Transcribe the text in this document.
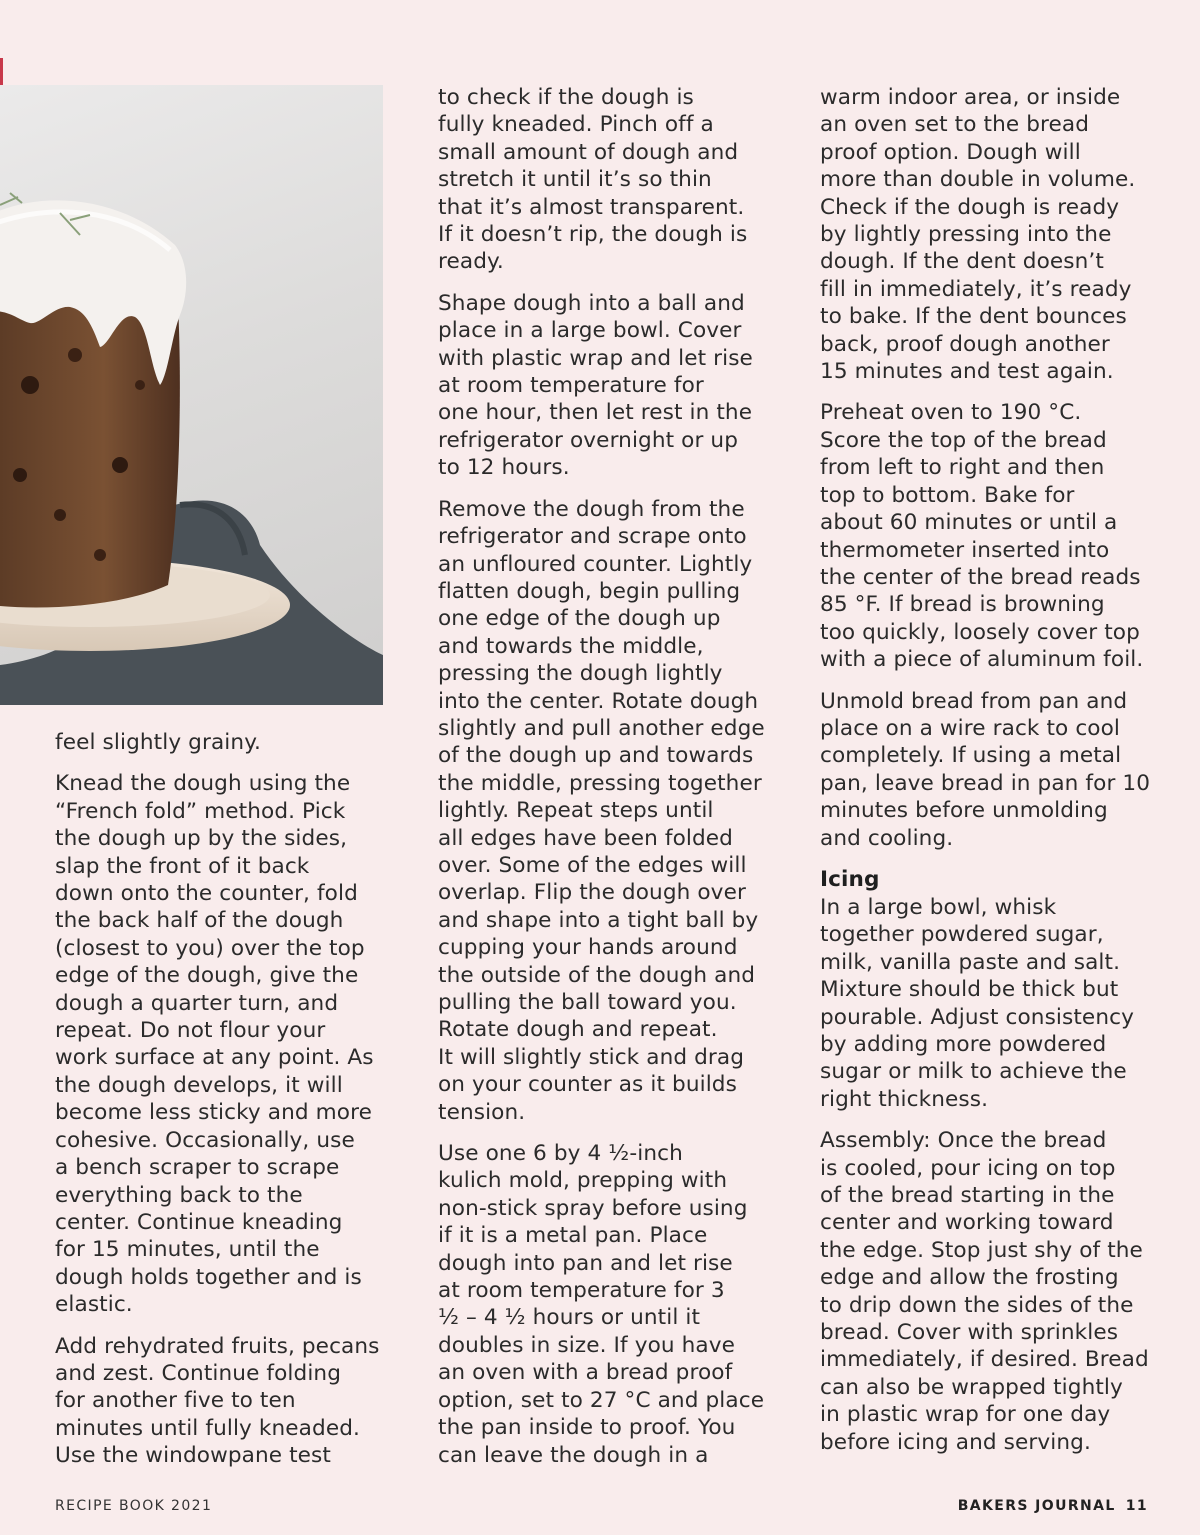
feel slightly grainy.

Knead the dough using the
“French fold” method. Pick
the dough up by the sides,
slap the front of it back
down onto the counter, fold
the back half of the dough
(closest to you) over the top
edge of the dough, give the
dough a quarter turn, and
repeat. Do not flour your
work surface at any point. As
the dough develops, it will
become less sticky and more
cohesive. Occasionally, use
a bench scraper to scrape
everything back to the
center. Continue kneading
for 15 minutes, until the
dough holds together and is
elastic.

Add rehydrated fruits, pecans
and zest. Continue folding
for another five to ten
minutes until fully kneaded.
Use the windowpane test

to check if the dough is
fully kneaded. Pinch off a
small amount of dough and
stretch it until it’s so thin
that it’s almost transparent.
If it doesn’t rip, the dough is
ready.

Shape dough into a ball and
place in a large bowl. Cover
with plastic wrap and let rise
at room temperature for
one hour, then let rest in the
refrigerator overnight or up
to 12 hours.

Remove the dough from the
refrigerator and scrape onto
an unfloured counter. Lightly
flatten dough, begin pulling
one edge of the dough up
and towards the middle,
pressing the dough lightly
into the center. Rotate dough
slightly and pull another edge
of the dough up and towards
the middle, pressing together
lightly. Repeat steps until
all edges have been folded
over. Some of the edges will
overlap. Flip the dough over
and shape into a tight ball by
cupping your hands around
the outside of the dough and
pulling the ball toward you.
Rotate dough and repeat.
It will slightly stick and drag
on your counter as it builds
tension.

Use one 6 by 4 ½-inch
kulich mold, prepping with
non-stick spray before using
if it is a metal pan. Place
dough into pan and let rise
at room temperature for 3
½ – 4 ½ hours or until it
doubles in size. If you have
an oven with a bread proof
option, set to 27 °C and place
the pan inside to proof. You
can leave the dough in a

warm indoor area, or inside
an oven set to the bread
proof option. Dough will
more than double in volume.
Check if the dough is ready
by lightly pressing into the
dough. If the dent doesn’t
fill in immediately, it’s ready
to bake. If the dent bounces
back, proof dough another
15 minutes and test again.

Preheat oven to 190 °C.
Score the top of the bread
from left to right and then
top to bottom. Bake for
about 60 minutes or until a
thermometer inserted into
the center of the bread reads
85 °F. If bread is browning
too quickly, loosely cover top
with a piece of aluminum foil.

Unmold bread from pan and
place on a wire rack to cool
completely. If using a metal
pan, leave bread in pan for 10
minutes before unmolding
and cooling.

Icing

In a large bowl, whisk
together powdered sugar,
milk, vanilla paste and salt.
Mixture should be thick but
pourable. Adjust consistency
by adding more powdered
sugar or milk to achieve the
right thickness.

Assembly: Once the bread
is cooled, pour icing on top
of the bread starting in the
center and working toward
the edge. Stop just shy of the
edge and allow the frosting
to drip down the sides of the
bread. Cover with sprinkles
immediately, if desired. Bread
can also be wrapped tightly
in plastic wrap for one day
before icing and serving.

RECIPE BOOK 2021	BAKERS JOURNAL 11
